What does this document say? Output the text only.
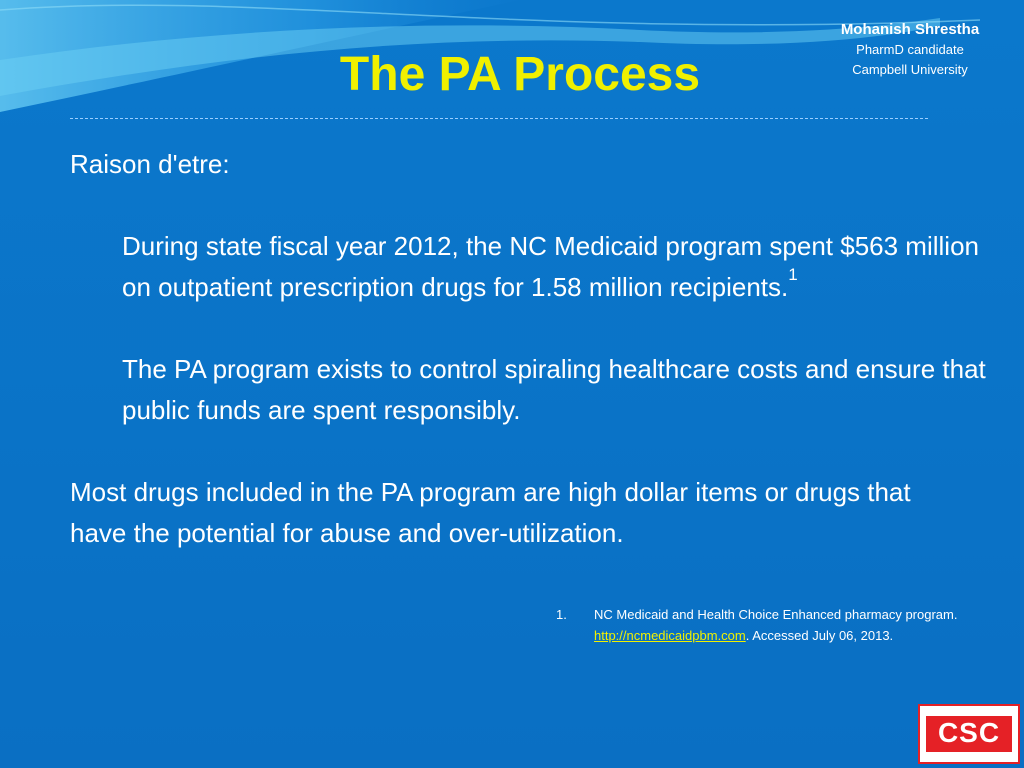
Mohanish Shrestha
PharmD candidate
Campbell University
The PA Process
Raison d'etre:
During state fiscal year 2012, the NC Medicaid program spent $563 million on outpatient prescription drugs for 1.58 million recipients.$^1$
The PA program exists to control spiraling healthcare costs and ensure that public funds are spent responsibly.
Most drugs included in the PA program are high dollar items or drugs that have the potential for abuse and over-utilization.
1. NC Medicaid and Health Choice Enhanced pharmacy program.
http://ncmedicaidpbm.com. Accessed July 06, 2013.
CSC
